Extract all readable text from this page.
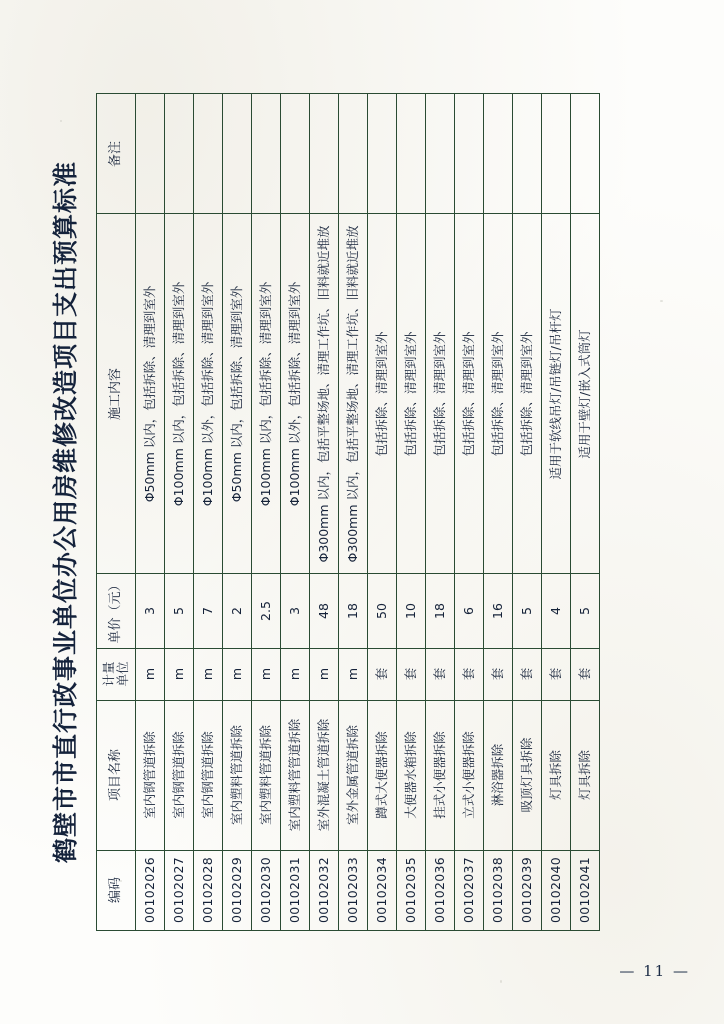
鹤壁市市直行政事业单位办公用房维修改造项目支出预算标准
编码	项目名称	计量 单位	单价（元）	施工内容	备注
00102026	室内钢管道拆除	m	3	Φ50mm 以内，包括拆除、清理到室外	
00102027	室内钢管道拆除	m	5	Φ100mm 以内，包括拆除、清理到室外	
00102028	室内钢管道拆除	m	7	Φ100mm 以外，包括拆除、清理到室外	
00102029	室内塑料管道拆除	m	2	Φ50mm 以内，包括拆除、清理到室外	
00102030	室内塑料管道拆除	m	2.5	Φ100mm 以内，包括拆除、清理到室外	
00102031	室内塑料管管道拆除	m	3	Φ100mm 以外，包括拆除、清理到室外	
00102032	室外混凝土管道拆除	m	48	Φ300mm 以内，包括平整场地、清理工作坑、旧料就近堆放	
00102033	室外金属管道拆除	m	18	Φ300mm 以内，包括平整场地、清理工作坑、旧料就近堆放	
00102034	蹲式大便器拆除	套	50	包括拆除、清理到室外	
00102035	大便器水箱拆除	套	10	包括拆除、清理到室外	
00102036	挂式小便器拆除	套	18	包括拆除、清理到室外	
00102037	立式小便器拆除	套	6	包括拆除、清理到室外	
00102038	淋浴器拆除	套	16	包括拆除、清理到室外	
00102039	吸顶灯具拆除	套	5	包括拆除、清理到室外	
00102040	灯具拆除	套	4	适用于软线吊灯/吊链灯/吊杆灯	
00102041	灯具拆除	套	5	适用于壁灯/嵌入式筒灯	
— 11 —
